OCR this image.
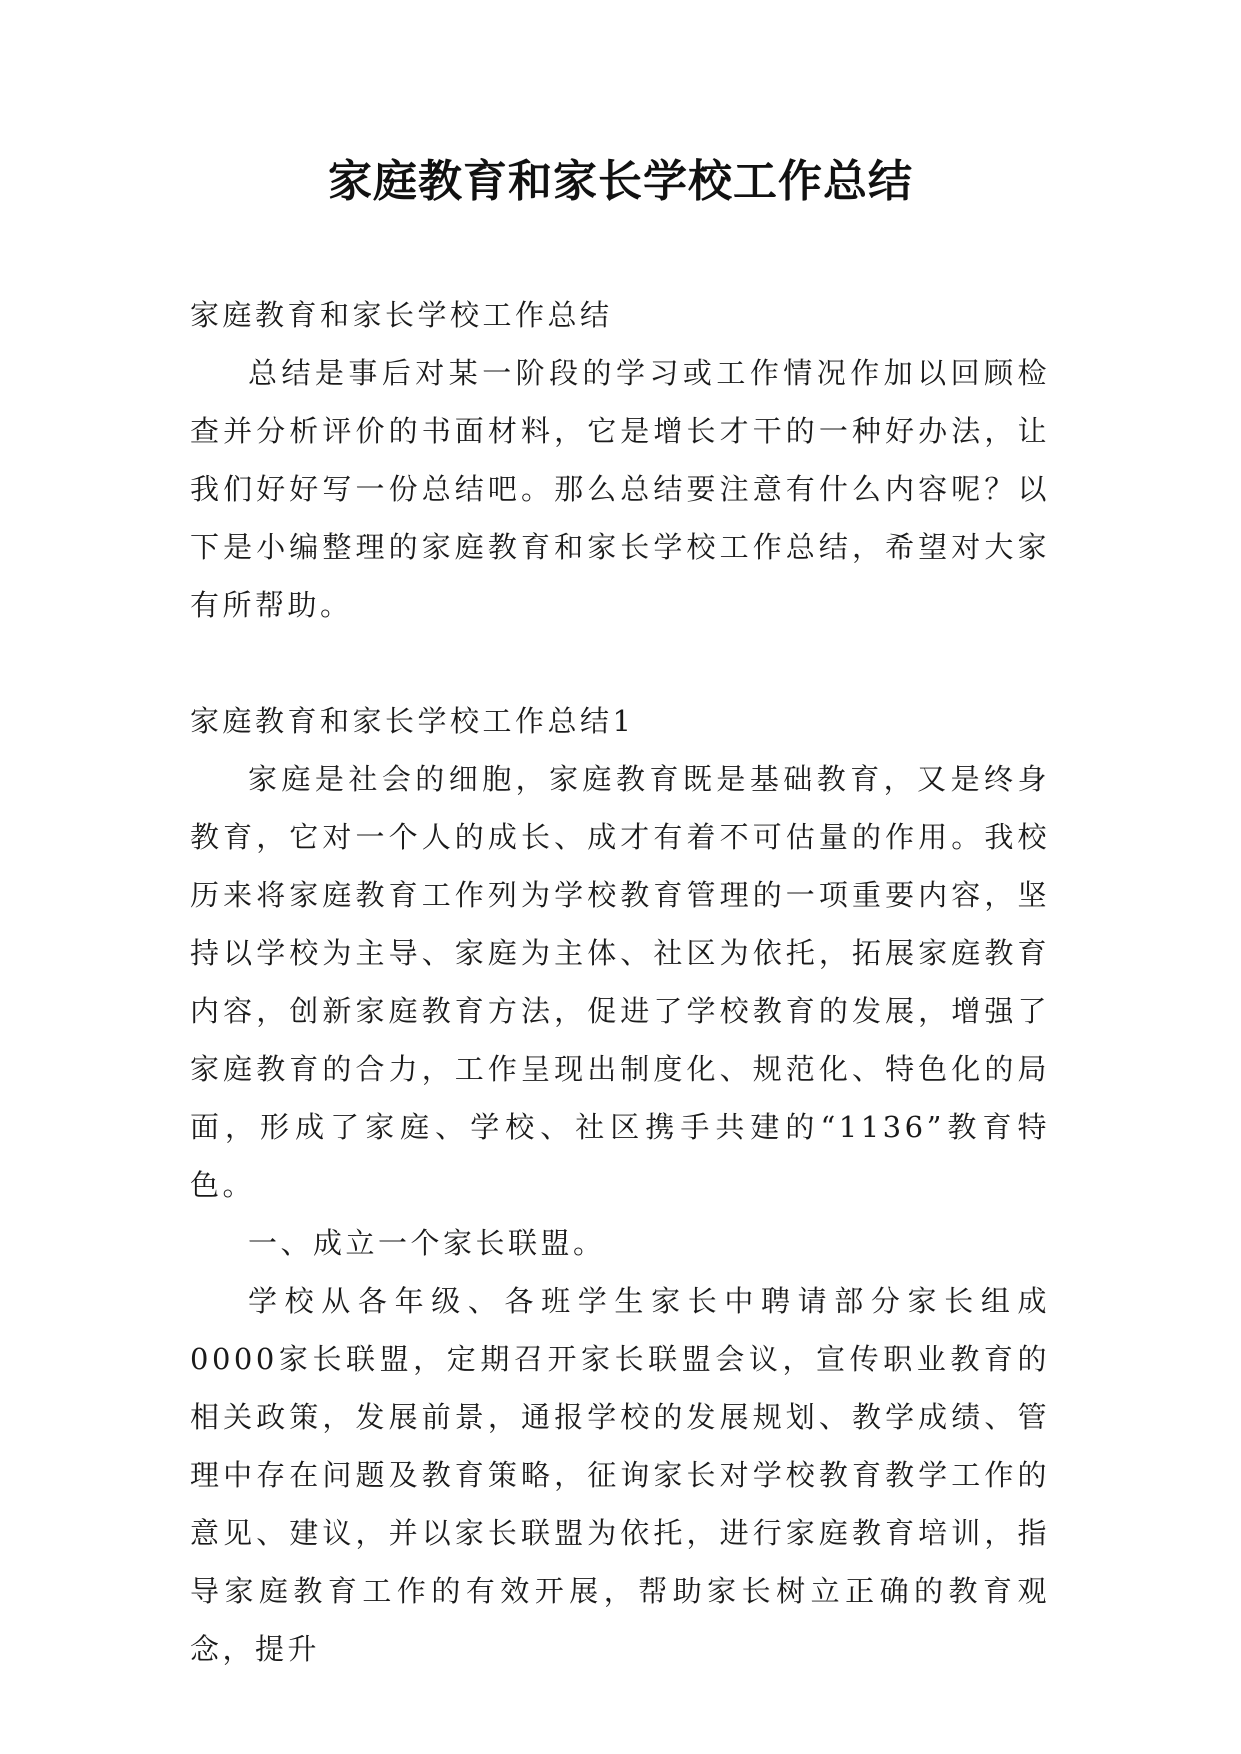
家庭教育和家长学校工作总结

家庭教育和家长学校工作总结

总结是事后对某一阶段的学习或工作情况作加以回顾检查并分析评价的书面材料，它是增长才干的一种好办法，让我们好好写一份总结吧。那么总结要注意有什么内容呢？以下是小编整理的家庭教育和家长学校工作总结，希望对大家有所帮助。

家庭教育和家长学校工作总结1

家庭是社会的细胞，家庭教育既是基础教育，又是终身教育，它对一个人的成长、成才有着不可估量的作用。我校历来将家庭教育工作列为学校教育管理的一项重要内容，坚持以学校为主导、家庭为主体、社区为依托，拓展家庭教育内容，创新家庭教育方法，促进了学校教育的发展，增强了家庭教育的合力，工作呈现出制度化、规范化、特色化的局面，形成了家庭、学校、社区携手共建的“1136”教育特色。

一、成立一个家长联盟。

学校从各年级、各班学生家长中聘请部分家长组成0000家长联盟，定期召开家长联盟会议，宣传职业教育的相关政策，发展前景，通报学校的发展规划、教学成绩、管理中存在问题及教育策略，征询家长对学校教育教学工作的意见、建议，并以家长联盟为依托，进行家庭教育培训，指导家庭教育工作的有效开展，帮助家长树立正确的教育观念，提升
